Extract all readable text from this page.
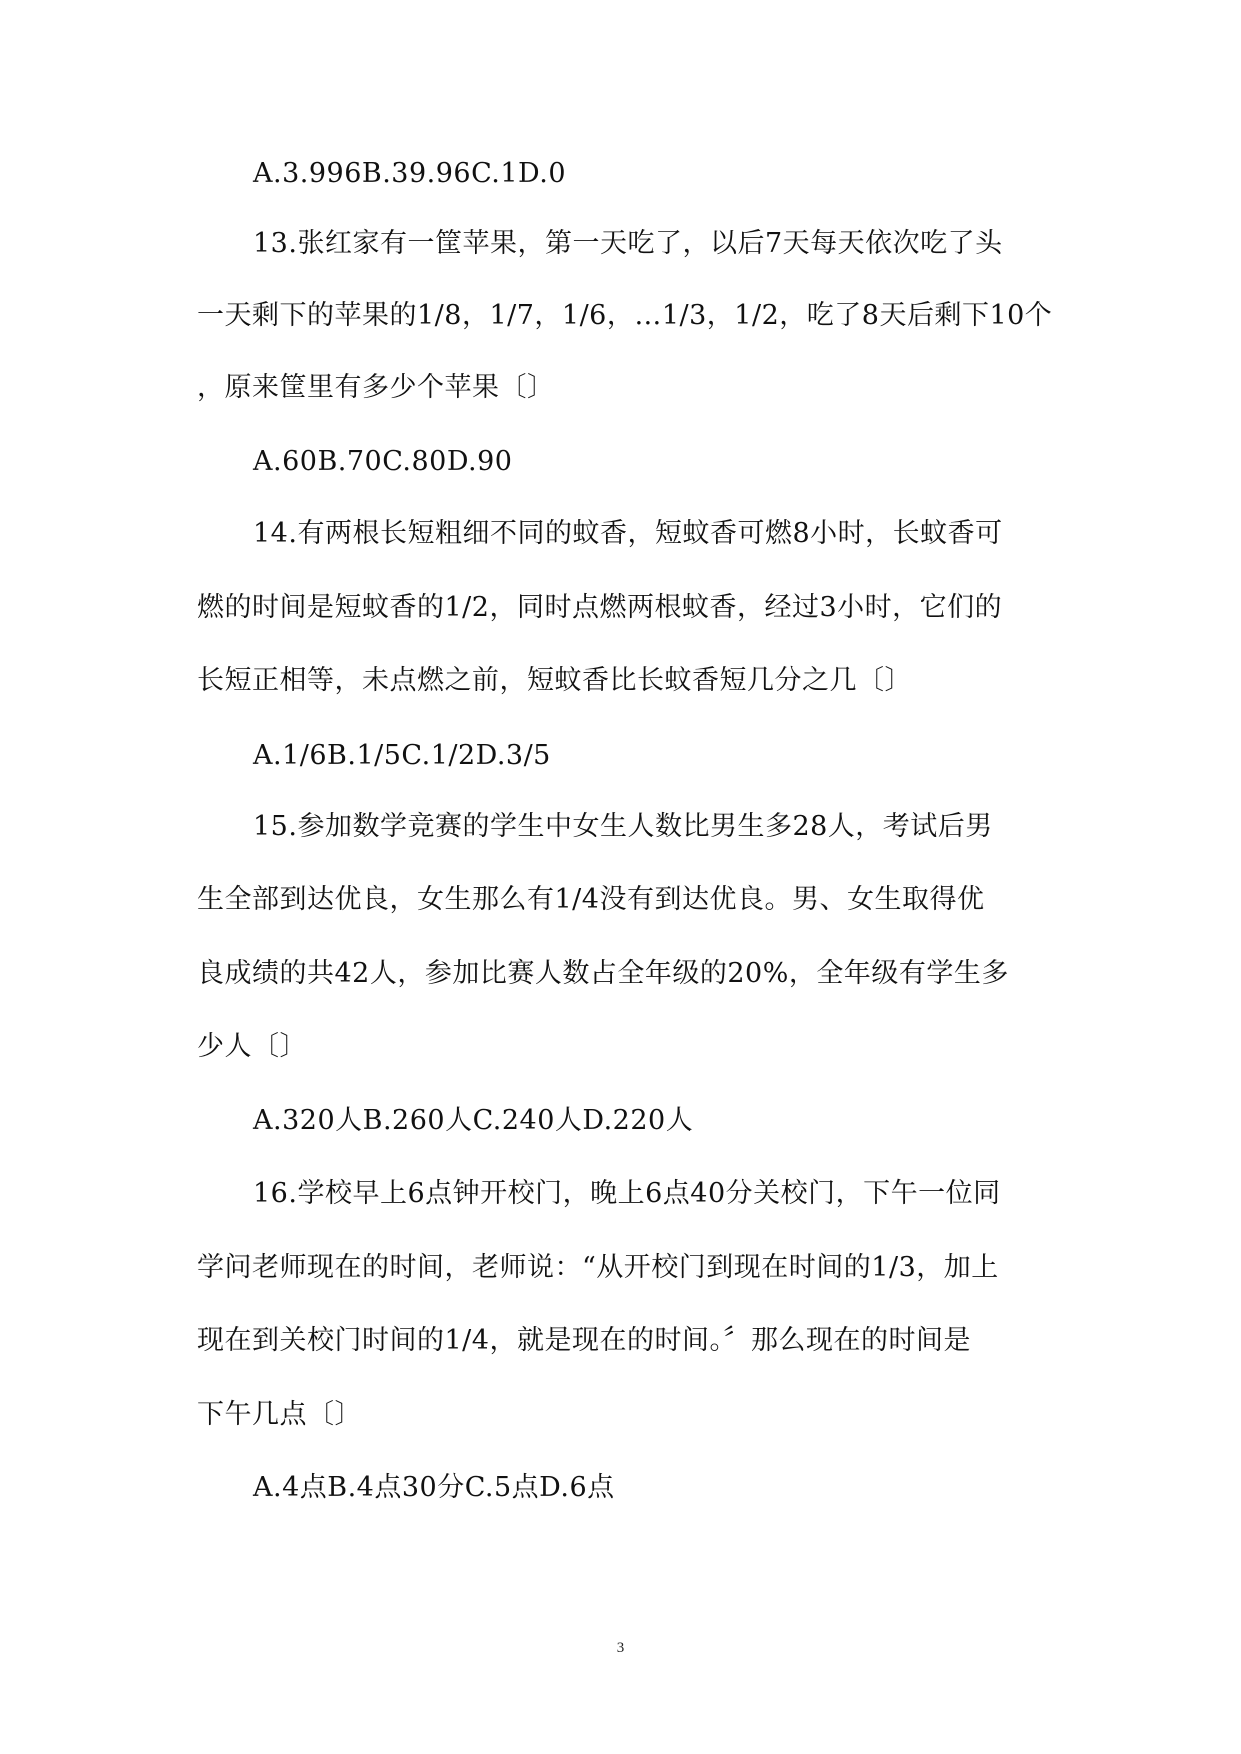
A.3.996B.39.96C.1D.0
13.张红家有一筐苹果，第一天吃了，以后7天每天依次吃了头
一天剩下的苹果的1/8，1/7，1/6，…1/3，1/2，吃了8天后剩下10个
，原来筐里有多少个苹果〔〕
A.60B.70C.80D.90
14.有两根长短粗细不同的蚊香，短蚊香可燃8小时，长蚊香可
燃的时间是短蚊香的1/2，同时点燃两根蚊香，经过3小时，它们的
长短正相等，未点燃之前，短蚊香比长蚊香短几分之几〔〕
A.1/6B.1/5C.1/2D.3/5
15.参加数学竞赛的学生中女生人数比男生多28人，考试后男
生全部到达优良，女生那么有1/4没有到达优良。男、女生取得优
良成绩的共42人，参加比赛人数占全年级的20%，全年级有学生多
少人〔〕
A.320人B.260人C.240人D.220人
16.学校早上6点钟开校门，晚上6点40分关校门，下午一位同
学问老师现在的时间，老师说：“从开校门到现在时间的1/3，加上
现在到关校门时间的1/4，就是现在的时间。〞那么现在的时间是
下午几点〔〕
A.4点B.4点30分C.5点D.6点
3
